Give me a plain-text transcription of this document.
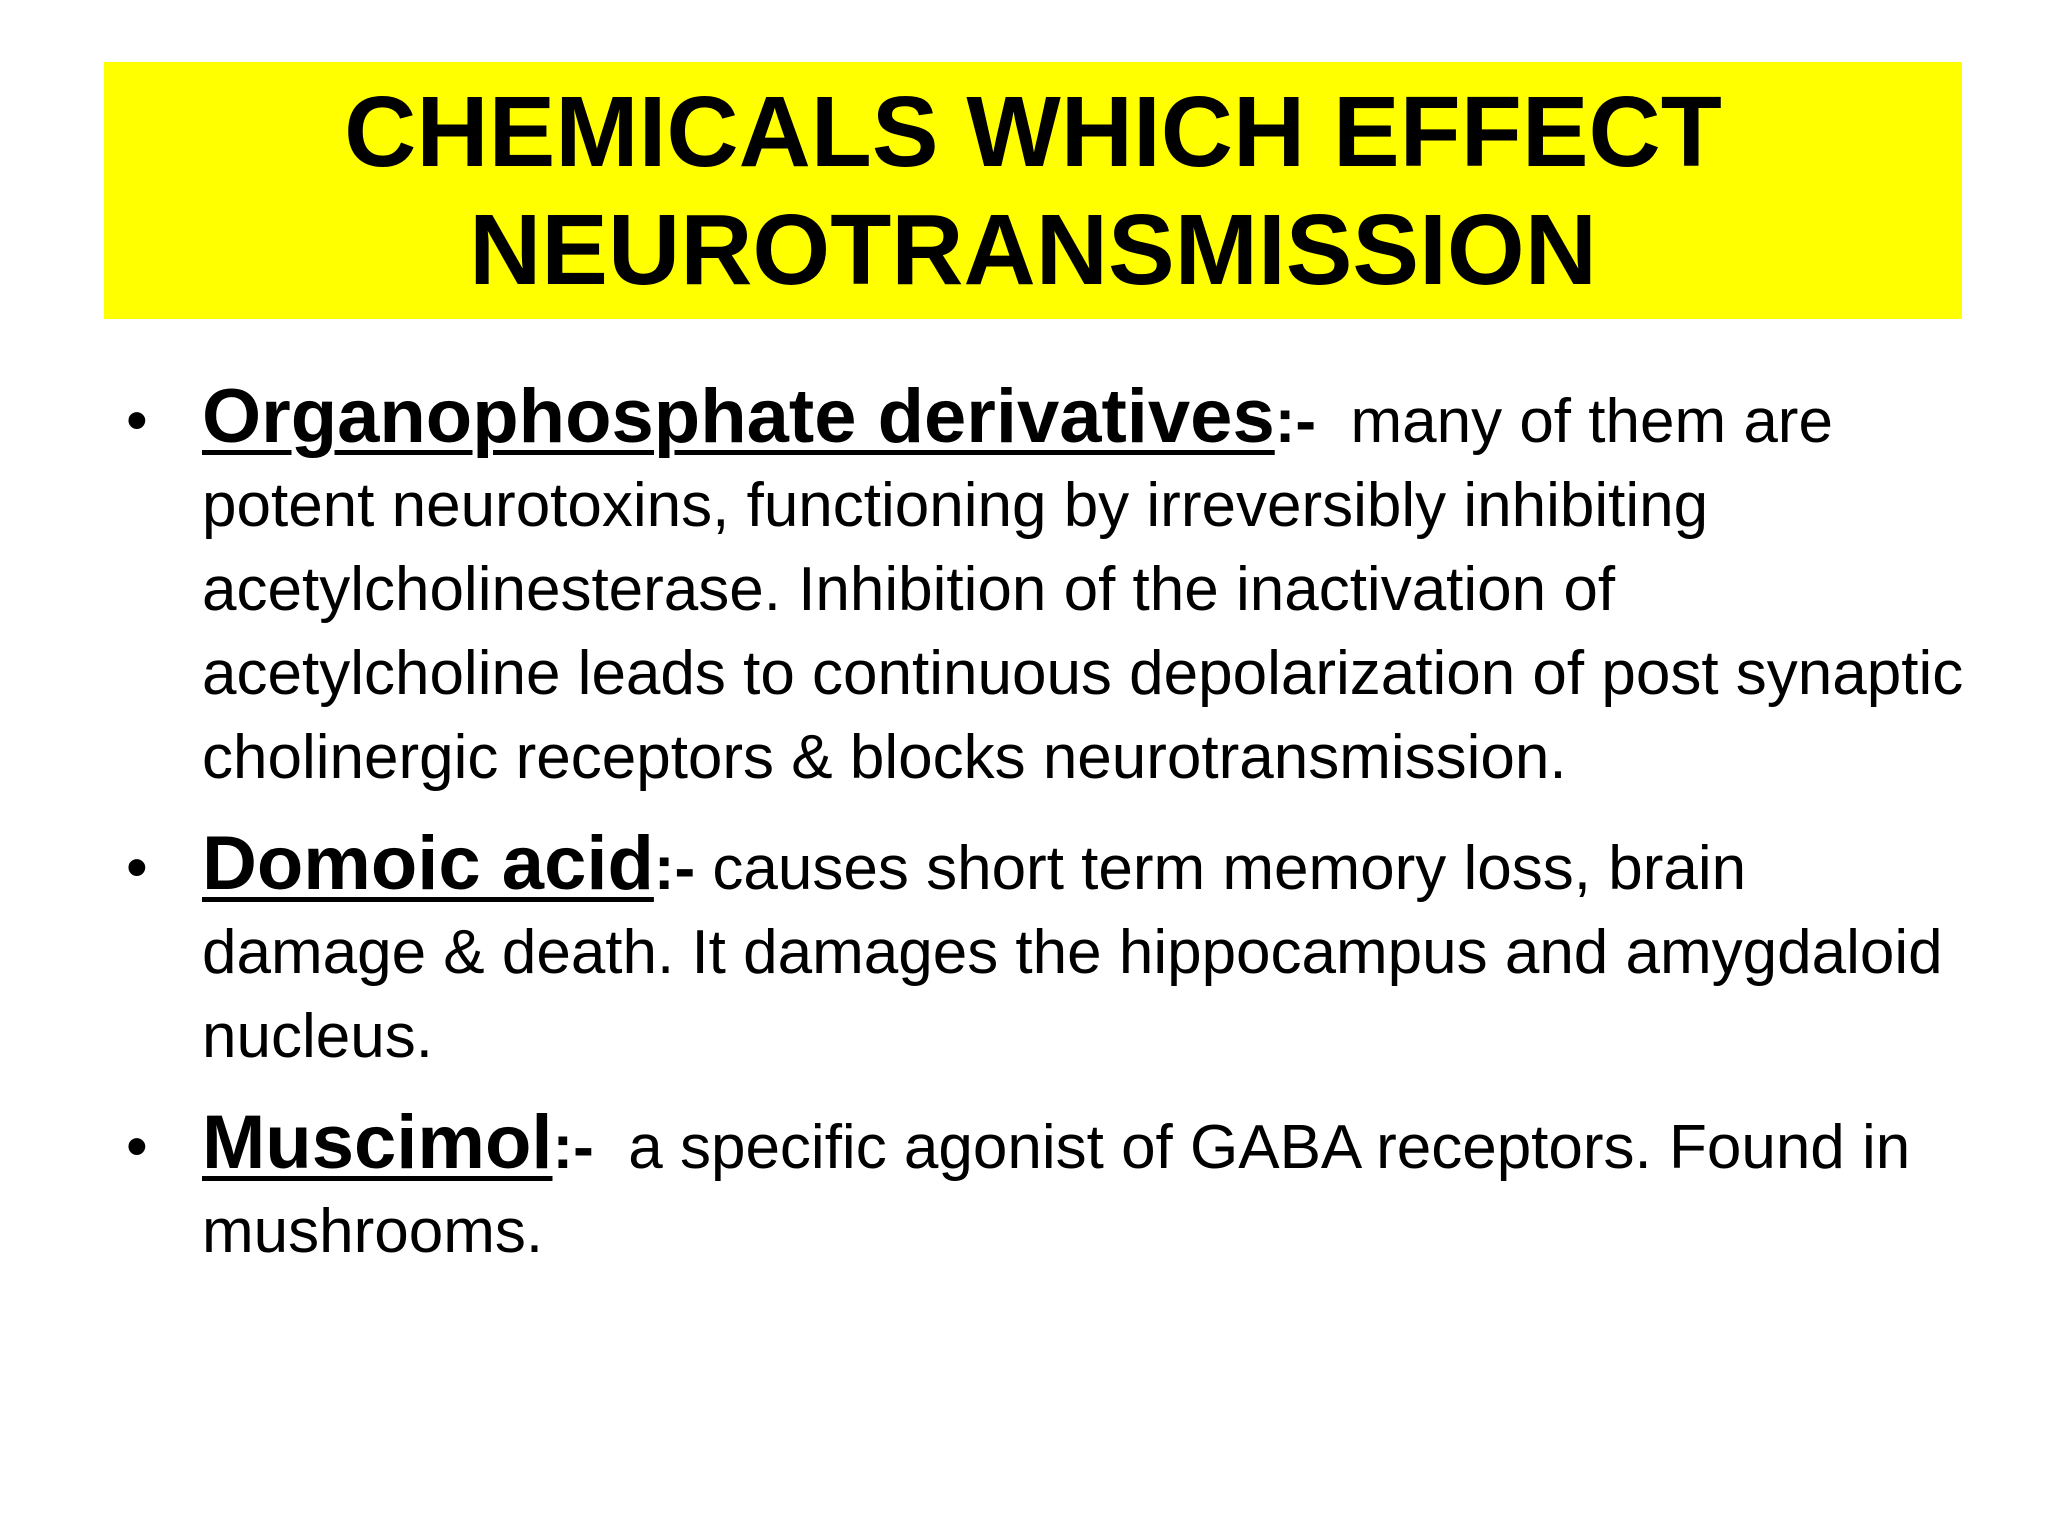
CHEMICALS WHICH EFFECT
NEUROTRANSMISSION
• Organophosphate derivatives:- many of them are potent neurotoxins, functioning by irreversibly inhibiting acetylcholinesterase. Inhibition of the inactivation of acetylcholine leads to continuous depolarization of post synaptic cholinergic receptors & blocks neurotransmission.
• Domoic acid:- causes short term memory loss, brain damage & death. It damages the hippocampus and amygdaloid nucleus.
• Muscimol:- a specific agonist of GABA receptors. Found in mushrooms.
